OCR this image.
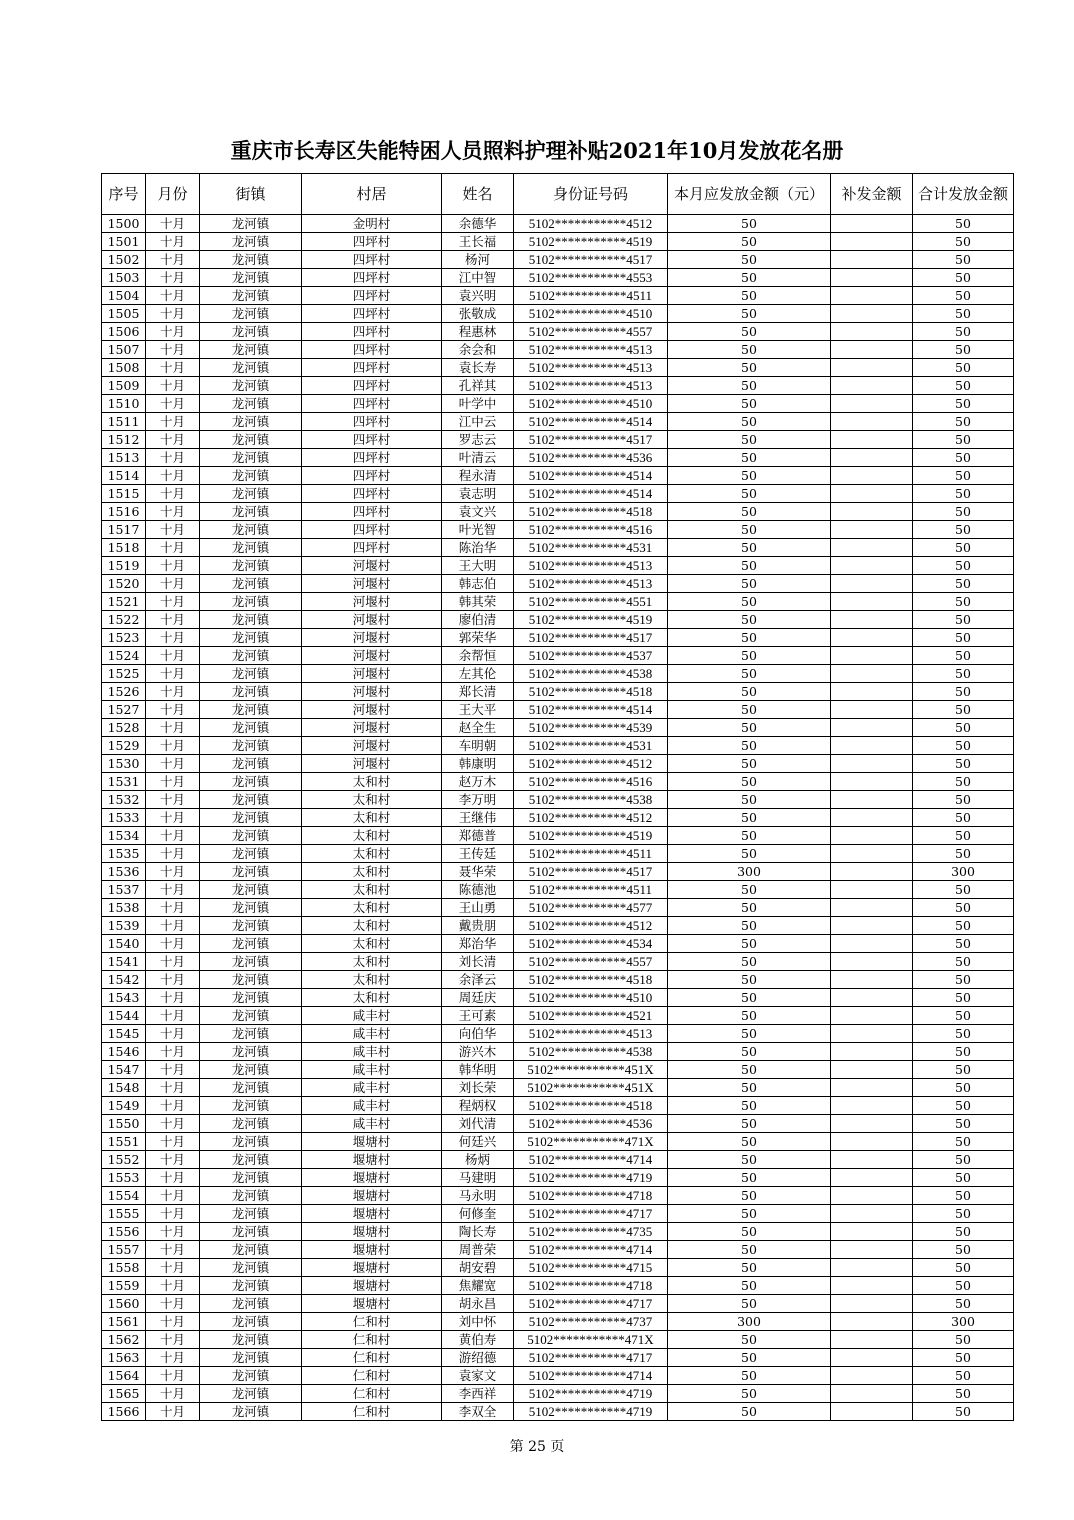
重庆市长寿区失能特困人员照料护理补贴2021年10月发放花名册
序号	月份	街镇	村居	姓名	身份证号码	本月应发放金额（元）	补发金额	合计发放金额
1500	十月	龙河镇	金明村	余德华	5102***********4512	50		50
1501	十月	龙河镇	四坪村	王长福	5102***********4519	50		50
1502	十月	龙河镇	四坪村	杨河	5102***********4517	50		50
1503	十月	龙河镇	四坪村	江中智	5102***********4553	50		50
1504	十月	龙河镇	四坪村	袁兴明	5102***********4511	50		50
1505	十月	龙河镇	四坪村	张敬成	5102***********4510	50		50
1506	十月	龙河镇	四坪村	程惠林	5102***********4557	50		50
1507	十月	龙河镇	四坪村	余会和	5102***********4513	50		50
1508	十月	龙河镇	四坪村	袁长寿	5102***********4513	50		50
1509	十月	龙河镇	四坪村	孔祥其	5102***********4513	50		50
1510	十月	龙河镇	四坪村	叶学中	5102***********4510	50		50
1511	十月	龙河镇	四坪村	江中云	5102***********4514	50		50
1512	十月	龙河镇	四坪村	罗志云	5102***********4517	50		50
1513	十月	龙河镇	四坪村	叶清云	5102***********4536	50		50
1514	十月	龙河镇	四坪村	程永清	5102***********4514	50		50
1515	十月	龙河镇	四坪村	袁志明	5102***********4514	50		50
1516	十月	龙河镇	四坪村	袁文兴	5102***********4518	50		50
1517	十月	龙河镇	四坪村	叶光智	5102***********4516	50		50
1518	十月	龙河镇	四坪村	陈治华	5102***********4531	50		50
1519	十月	龙河镇	河堰村	王大明	5102***********4513	50		50
1520	十月	龙河镇	河堰村	韩志伯	5102***********4513	50		50
1521	十月	龙河镇	河堰村	韩其荣	5102***********4551	50		50
1522	十月	龙河镇	河堰村	廖伯清	5102***********4519	50		50
1523	十月	龙河镇	河堰村	郭荣华	5102***********4517	50		50
1524	十月	龙河镇	河堰村	余帮恒	5102***********4537	50		50
1525	十月	龙河镇	河堰村	左其伦	5102***********4538	50		50
1526	十月	龙河镇	河堰村	郑长清	5102***********4518	50		50
1527	十月	龙河镇	河堰村	王大平	5102***********4514	50		50
1528	十月	龙河镇	河堰村	赵全生	5102***********4539	50		50
1529	十月	龙河镇	河堰村	车明朝	5102***********4531	50		50
1530	十月	龙河镇	河堰村	韩康明	5102***********4512	50		50
1531	十月	龙河镇	太和村	赵万木	5102***********4516	50		50
1532	十月	龙河镇	太和村	李万明	5102***********4538	50		50
1533	十月	龙河镇	太和村	王继伟	5102***********4512	50		50
1534	十月	龙河镇	太和村	郑德普	5102***********4519	50		50
1535	十月	龙河镇	太和村	王传廷	5102***********4511	50		50
1536	十月	龙河镇	太和村	聂华荣	5102***********4517	300		300
1537	十月	龙河镇	太和村	陈德池	5102***********4511	50		50
1538	十月	龙河镇	太和村	王山勇	5102***********4577	50		50
1539	十月	龙河镇	太和村	戴贵朋	5102***********4512	50		50
1540	十月	龙河镇	太和村	郑治华	5102***********4534	50		50
1541	十月	龙河镇	太和村	刘长清	5102***********4557	50		50
1542	十月	龙河镇	太和村	余泽云	5102***********4518	50		50
1543	十月	龙河镇	太和村	周廷庆	5102***********4510	50		50
1544	十月	龙河镇	咸丰村	王可素	5102***********4521	50		50
1545	十月	龙河镇	咸丰村	向伯华	5102***********4513	50		50
1546	十月	龙河镇	咸丰村	游兴木	5102***********4538	50		50
1547	十月	龙河镇	咸丰村	韩华明	5102***********451X	50		50
1548	十月	龙河镇	咸丰村	刘长荣	5102***********451X	50		50
1549	十月	龙河镇	咸丰村	程炳权	5102***********4518	50		50
1550	十月	龙河镇	咸丰村	刘代清	5102***********4536	50		50
1551	十月	龙河镇	堰塘村	何廷兴	5102***********471X	50		50
1552	十月	龙河镇	堰塘村	杨炳	5102***********4714	50		50
1553	十月	龙河镇	堰塘村	马建明	5102***********4719	50		50
1554	十月	龙河镇	堰塘村	马永明	5102***********4718	50		50
1555	十月	龙河镇	堰塘村	何修奎	5102***********4717	50		50
1556	十月	龙河镇	堰塘村	陶长寿	5102***********4735	50		50
1557	十月	龙河镇	堰塘村	周普荣	5102***********4714	50		50
1558	十月	龙河镇	堰塘村	胡安碧	5102***********4715	50		50
1559	十月	龙河镇	堰塘村	焦耀宽	5102***********4718	50		50
1560	十月	龙河镇	堰塘村	胡永昌	5102***********4717	50		50
1561	十月	龙河镇	仁和村	刘中怀	5102***********4737	300		300
1562	十月	龙河镇	仁和村	黄伯寿	5102***********471X	50		50
1563	十月	龙河镇	仁和村	游绍德	5102***********4717	50		50
1564	十月	龙河镇	仁和村	袁家文	5102***********4714	50		50
1565	十月	龙河镇	仁和村	李西祥	5102***********4719	50		50
1566	十月	龙河镇	仁和村	李双全	5102***********4719	50		50
第 25 页
